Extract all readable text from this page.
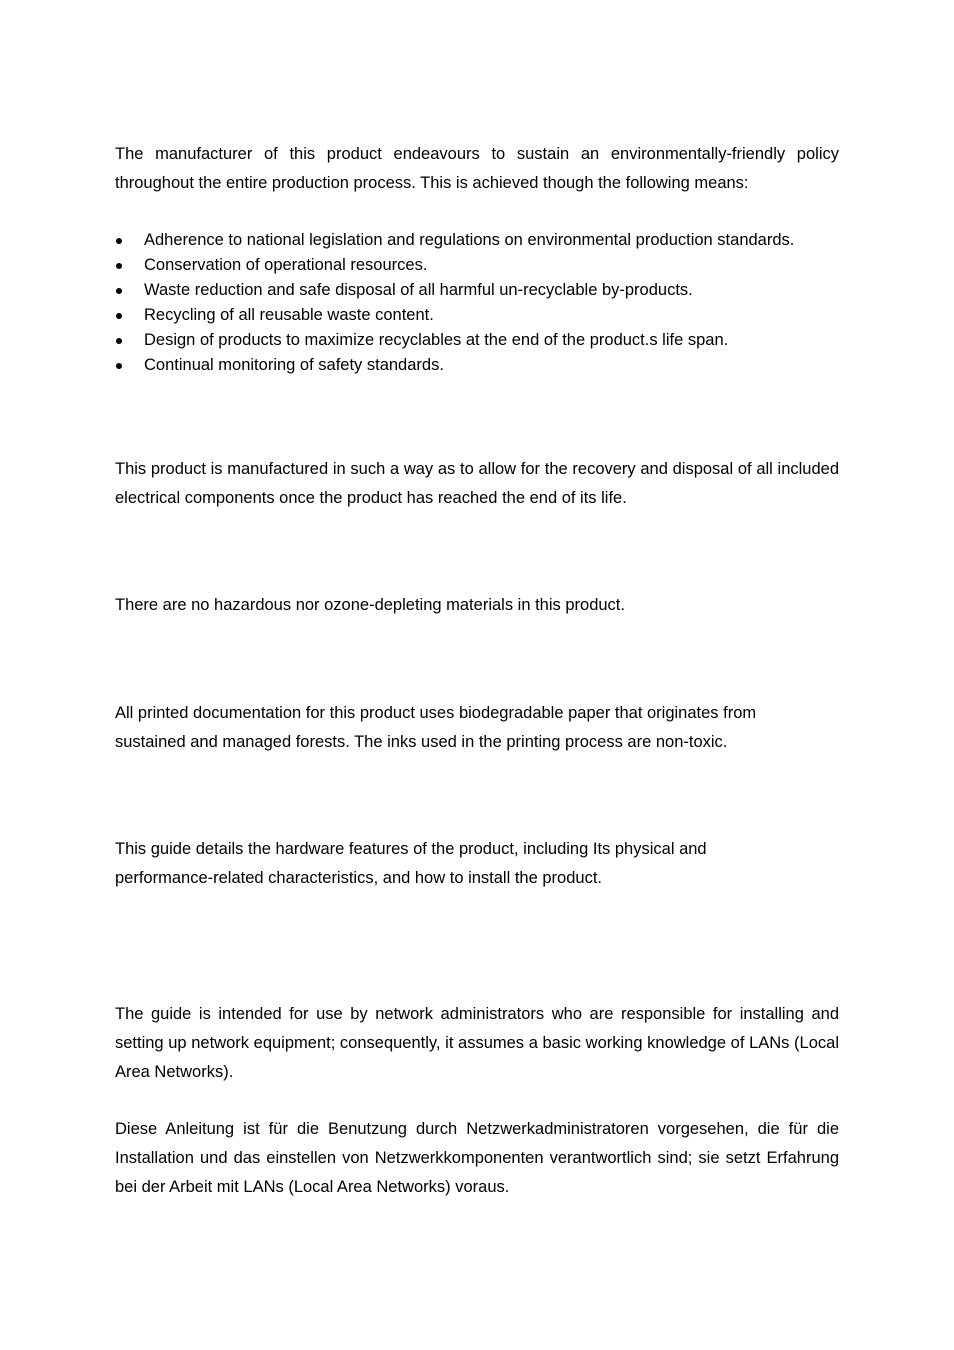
The manufacturer of this product endeavours to sustain an environmentally-friendly policy throughout the entire production process. This is achieved though the following means:

Adherence to national legislation and regulations on environmental production standards.
Conservation of operational resources.
Waste reduction and safe disposal of all harmful un-recyclable by-products.
Recycling of all reusable waste content.
Design of products to maximize recyclables at the end of the product.s life span.
Continual monitoring of safety standards.

This product is manufactured in such a way as to allow for the recovery and disposal of all included electrical components once the product has reached the end of its life.

There are no hazardous nor ozone-depleting materials in this product.

All printed documentation for this product uses biodegradable paper that originates from sustained and managed forests. The inks used in the printing process are non-toxic.

This guide details the hardware features of the product, including Its physical and performance-related characteristics, and how to install the product.

The guide is intended for use by network administrators who are responsible for installing and setting up network equipment; consequently, it assumes a basic working knowledge of LANs (Local Area Networks).

Diese Anleitung ist für die Benutzung durch Netzwerkadministratoren vorgesehen, die für die Installation und das einstellen von Netzwerkkomponenten verantwortlich sind; sie setzt Erfahrung bei der Arbeit mit LANs (Local Area Networks) voraus.
